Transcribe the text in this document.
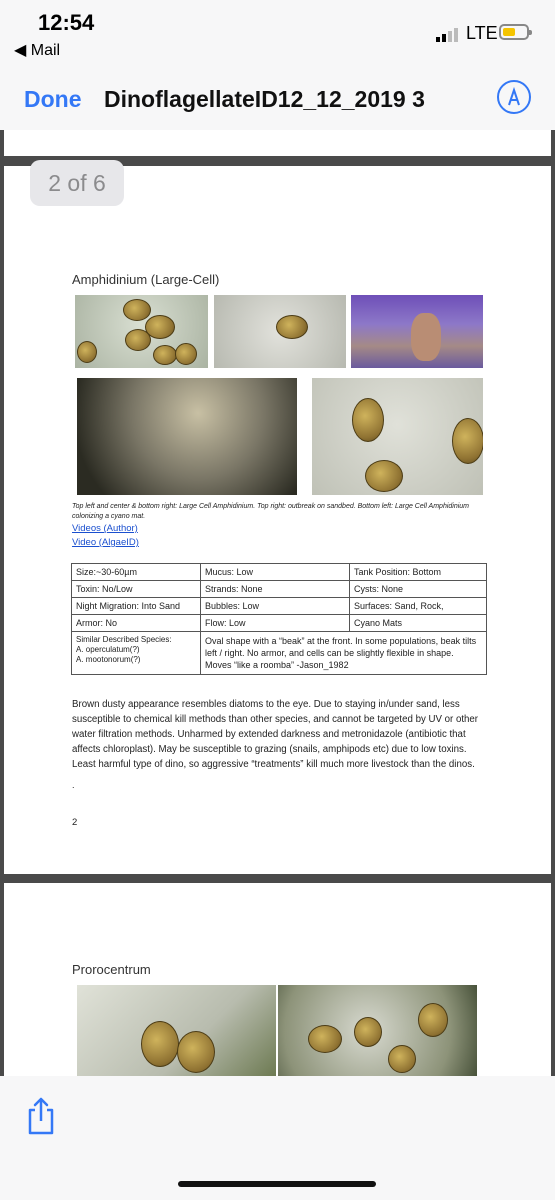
12:54
◀ Mail
LTE
Done DinoflagellateID12_12_2019 3
2 of 6
Amphidinium (Large-Cell)
Top left and center & bottom right: Large Cell Amphidinium. Top right: outbreak on sandbed. Bottom left: Large Cell Amphidinium colonizing a cyano mat.
Videos (Author)
Video (AlgaeID)
Size:~30-60µm	Mucus: Low	Tank Position: Bottom
Toxin: No/Low	Strands: None	Cysts: None
Night Migration: Into Sand	Bubbles: Low	Surfaces: Sand, Rock,
Armor: No	Flow: Low	Cyano Mats

Similar Described Species:
A. operculatum(?)
A. mootonorum(?)	Oval shape with a “beak” at the front. In some populations, beak tilts left / right. No armor, and cells can be slightly flexible in shape. Moves “like a roomba” -Jason_1982	
Brown dusty appearance resembles diatoms to the eye. Due to staying in/under sand, less susceptible to chemical kill methods than other species, and cannot be targeted by UV or other water filtration methods. Unharmed by extended darkness and metronidazole (antibiotic that affects chloroplast). May be susceptible to grazing (snails, amphipods etc) due to low toxins. Least harmful type of dino, so aggressive “treatments” kill much more livestock than the dinos.
.
2
Prorocentrum
